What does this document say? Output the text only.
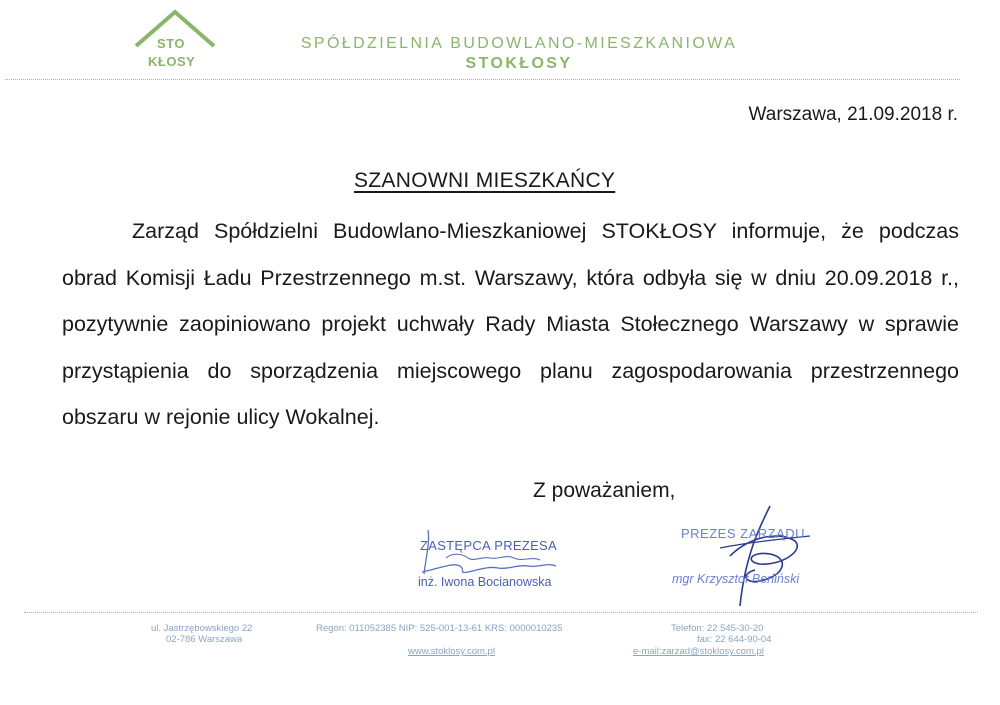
STO
KŁOSY
SPÓŁDZIELNIA BUDOWLANO-MIESZKANIOWA
STOKŁOSY
Warszawa, 21.09.2018 r.
SZANOWNI MIESZKAŃCY
Zarząd Spółdzielni Budowlano-Mieszkaniowej STOKŁOSY informuje, że podczas obrad Komisji Ładu Przestrzennego m.st. Warszawy, która odbyła się w dniu 20.09.2018 r., pozytywnie zaopiniowano projekt uchwały Rady Miasta Stołecznego Warszawy w sprawie przystąpienia do sporządzenia miejscowego planu zagospodarowania przestrzennego obszaru w rejonie ulicy Wokalnej.
Z poważaniem,
ZASTĘPCA PREZESA
inż. Iwona Bocianowska
PREZES ZARZĄDU
mgr Krzysztof Berliński
ul. Jastrzębowskiego 22
02-786 Warszawa
Regon: 011052385 NIP: 525-001-13-61 KRS: 0000010235
www.stoklosy.com.pl
Telefon: 22 545-30-20
fax: 22 644-90-04
e-mail:zarzad@stoklosy.com.pl
